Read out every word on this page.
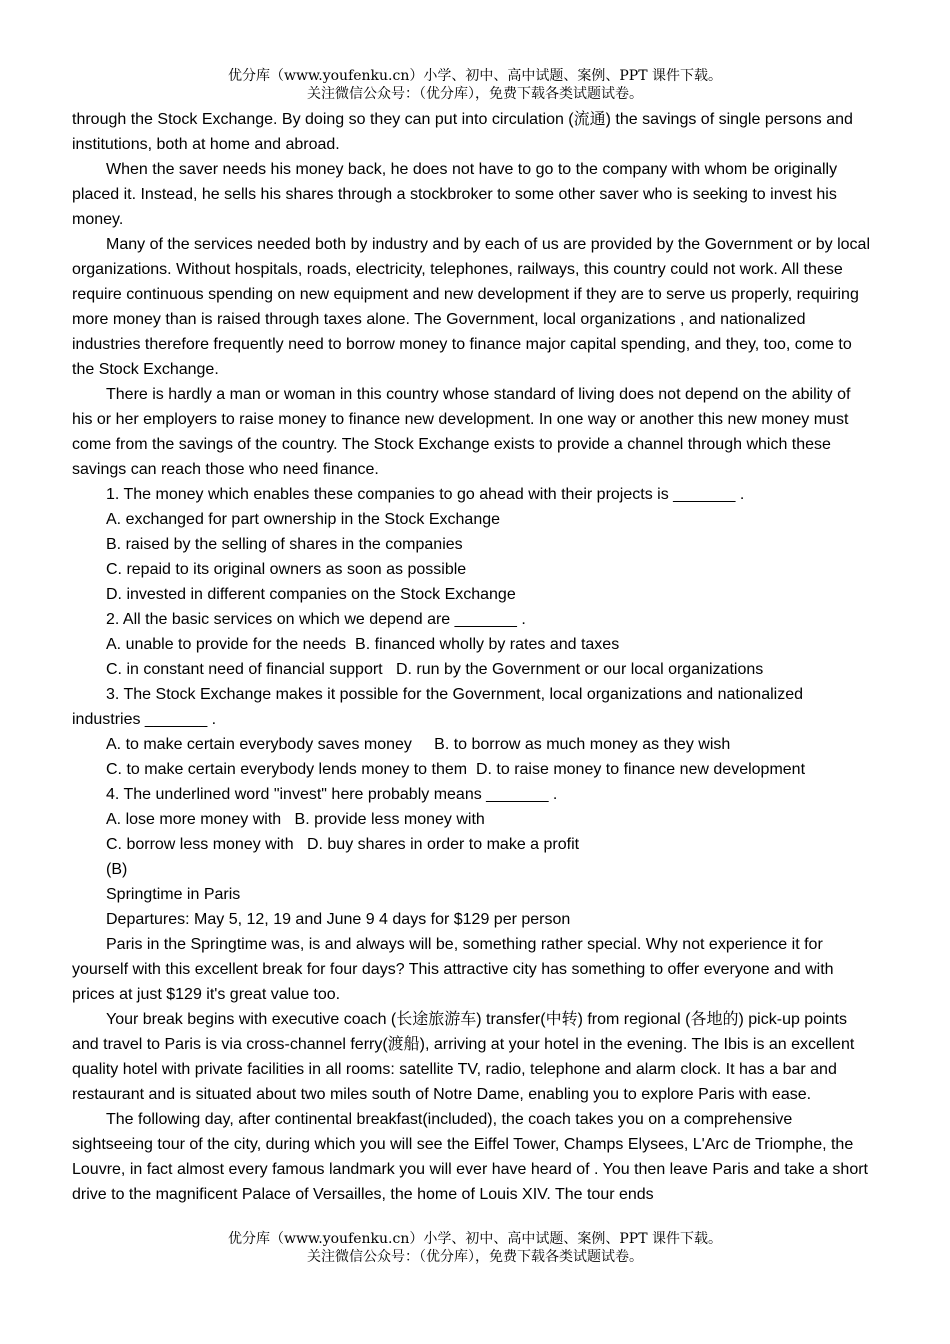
优分库（www.youfenku.cn）小学、初中、高中试题、案例、PPT 课件下载。
关注微信公众号：（优分库），免费下载各类试题试卷。

through the Stock Exchange. By doing so they can put into circulation (流通) the savings of single persons and institutions, both at home and abroad.

When the saver needs his money back, he does not have to go to the company with whom be originally placed it. Instead, he sells his shares through a stockbroker to some other saver who is seeking to invest his money.

Many of the services needed both by industry and by each of us are provided by the Government or by local organizations. Without hospitals, roads, electricity, telephones, railways, this country could not work. All these require continuous spending on new equipment and new development if they are to serve us properly, requiring more money than is raised through taxes alone. The Government, local organizations , and nationalized industries therefore frequently need to borrow money to finance major capital spending, and they, too, come to the Stock Exchange.

There is hardly a man or woman in this country whose standard of living does not depend on the ability of his or her employers to raise money to finance new development. In one way or another this new money must come from the savings of the country. The Stock Exchange exists to provide a channel through which these savings can reach those who need finance.

1. The money which enables these companies to go ahead with their projects is _______ .

A. exchanged for part ownership in the Stock Exchange

B. raised by the selling of shares in the companies

C. repaid to its original owners as soon as possible

D. invested in different companies on the Stock Exchange

2. All the basic services on which we depend are _______ .

A. unable to provide for the needs  B. financed wholly by rates and taxes

C. in constant need of financial support   D. run by the Government or our local organizations

3. The Stock Exchange makes it possible for the Government, local organizations and nationalized industries _______ .

A. to make certain everybody saves money     B. to borrow as much money as they wish

C. to make certain everybody lends money to them  D. to raise money to finance new development

4. The underlined word "invest" here probably means _______ .

A. lose more money with   B. provide less money with

C. borrow less money with   D. buy shares in order to make a profit

(B)

Springtime in Paris

Departures: May 5, 12, 19 and June 9 4 days for $129 per person

Paris in the Springtime was, is and always will be, something rather special. Why not experience it for yourself with this excellent break for four days? This attractive city has something to offer everyone and with prices at just $129 it's great value too.

Your break begins with executive coach (长途旅游车) transfer(中转) from regional (各地的) pick-up points and travel to Paris is via cross-channel ferry(渡船), arriving at your hotel in the evening. The Ibis is an excellent quality hotel with private facilities in all rooms: satellite TV, radio, telephone and alarm clock. It has a bar and restaurant and is situated about two miles south of Notre Dame, enabling you to explore Paris with ease.

The following day, after continental breakfast(included), the coach takes you on a comprehensive sightseeing tour of the city, during which you will see the Eiffel Tower, Champs Elysees, L'Arc de Triomphe, the Louvre, in fact almost every famous landmark you will ever have heard of . You then leave Paris and take a short drive to the magnificent Palace of Versailles, the home of Louis XIV. The tour ends

优分库（www.youfenku.cn）小学、初中、高中试题、案例、PPT 课件下载。
关注微信公众号：（优分库），免费下载各类试题试卷。
